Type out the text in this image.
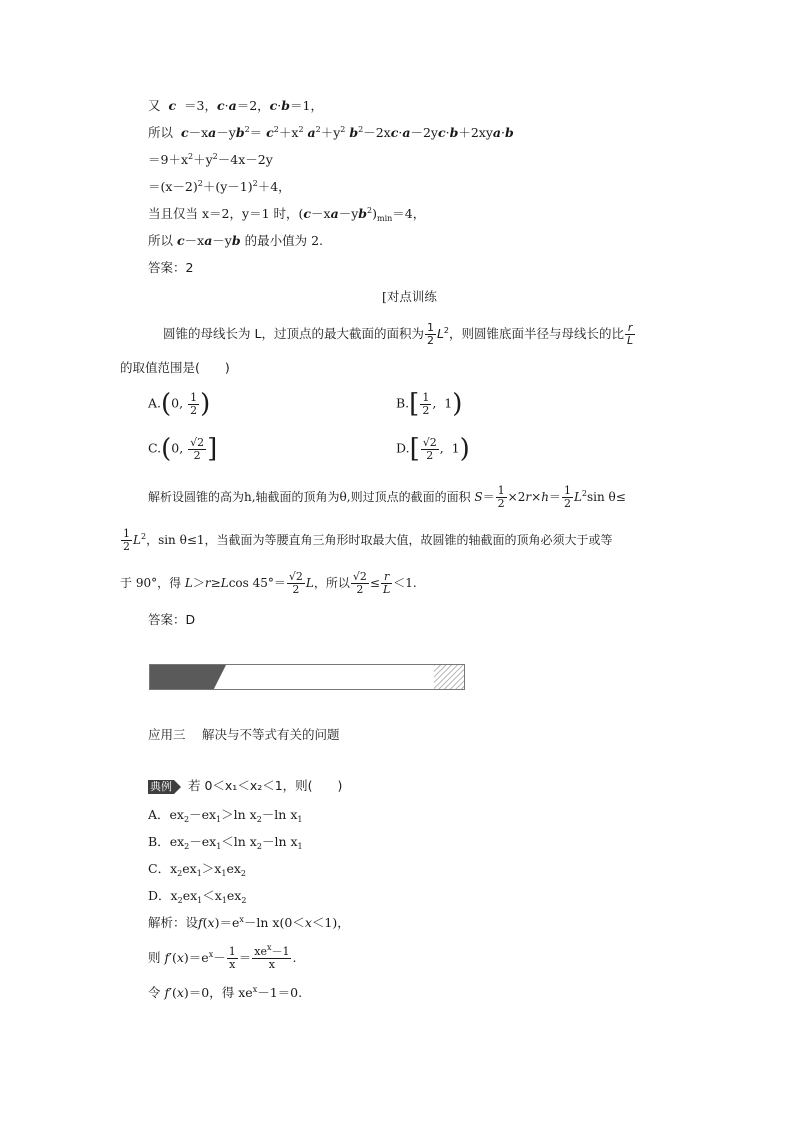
又 c  ＝3，c·a＝2，c·b＝1，
所以 $c-xa-yb^2= c^2+x^2$ $a^2+y^2$ $b^2-2xc\cdot a-2yc\cdot b+2xya\cdot b$
$=9+x^2+y^2-4x-2y$
$=(x-2)^2+(y-1)^2+4$，
当且仅当 x＝2，y＝1 时，$(c-xa-yb^2)_{min}=4$，
所以 c－xa－yb 的最小值为 2.
答案：2
[对点训练
圆锥的母线长为 L，过顶点的最大截面的面积为 $\frac{1}{2} L^2$，则圆锥底面半径与母线长的比 $\frac{r}{L}$
的取值范围是(　　)
A.(0, $\frac{1}{2}$ )	$B.[ \frac{1}{2}$ ,  1)
C.(0, $\frac{√2}{2}$ ]	$D.[ \frac{√2}{2}$ ,  1)
解析设圆锥的高为h,轴截面的顶角为θ,则过顶点的截面的面积 $S= \frac{1}{2} \times 2r\times h= \frac{1}{2} L^2\sin$ θ≤
$\frac{1}{2} L^2$，sin θ≤1，当截面为等腰直角三角形时取最大值，故圆锥的轴截面的顶角必须大于或等
于 90°，得 L＞r≥Lcos $45^\circ= \frac{√2}{2}$ L，所以 $\frac{√2}{2} \le \frac{r}{L} <1$.
答案：D
应用三　 解决与不等式有关的问题
典例 若 0＜x₁＜x₂＜1，则(　　)
A．$ex_2-ex_1>\ln$ $x_2-\ln$ $x_1$
B．$ex_2-ex_1<\ln$ $x_2-\ln$ $x_1$
C．$x_2ex_1>x_1ex_2$
D．$x_2ex_1<x_1ex_2$
解析：设$f(x)=e^x-\ln$ x(0＜x＜1)，
则 $f'(x)=e^x- \frac{1}{x} = \frac{xe^x-1}{x}$ .
令 f′(x)＝0，得 $xe^x-1=0$.
